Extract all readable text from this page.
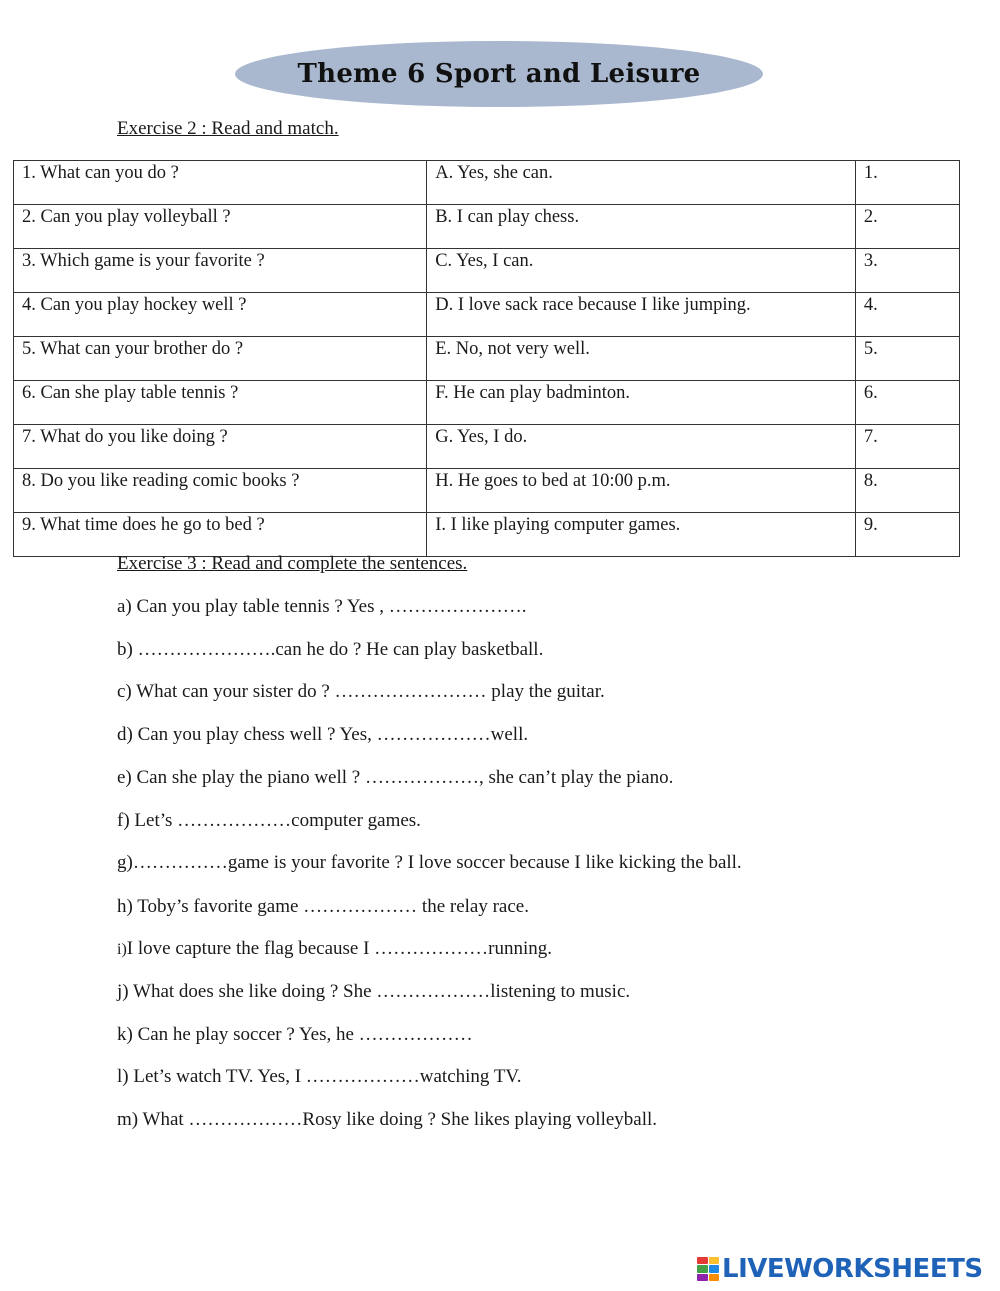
Theme 6 Sport and Leisure
Exercise 2 : Read and match.
1. What can you do ?	A. Yes, she can.	1.
2. Can you play volleyball ?	B. I can play chess.	2.
3. Which game is your favorite ?	C. Yes, I can.	3.
4. Can you play hockey well ?	D. I love sack race because I like jumping.	4.
5. What can your brother do ?	E. No, not very well.	5.
6. Can she play table tennis ?	F. He can play badminton.	6.
7. What do you like doing ?	G. Yes, I do.	7.
8. Do you like reading comic books ?	H. He goes to bed at 10:00 p.m.	8.
9. What time does he go to bed ?	I. I like playing computer games.	9.
Exercise 3 : Read and complete the sentences.
a) Can you play table tennis ? Yes , ………………….
b) ………………….can he do ? He can play basketball.
c) What can your sister do ? …………………… play the guitar.
d) Can you play chess well ? Yes, ………………well.
e) Can she play the piano well ? ………………, she can’t play the piano.
f) Let’s ………………computer games.
g)……………game is your favorite ? I love soccer because I like kicking the ball.
h) Toby’s favorite game ……………… the relay race.
i)I love capture the flag because I ………………running.
j) What does she like doing ? She ………………listening to music.
k) Can he play soccer ? Yes, he ………………
l) Let’s watch TV. Yes, I ………………watching TV.
m) What ………………Rosy like doing ? She likes playing volleyball.
LIVEWORKSHEETS
